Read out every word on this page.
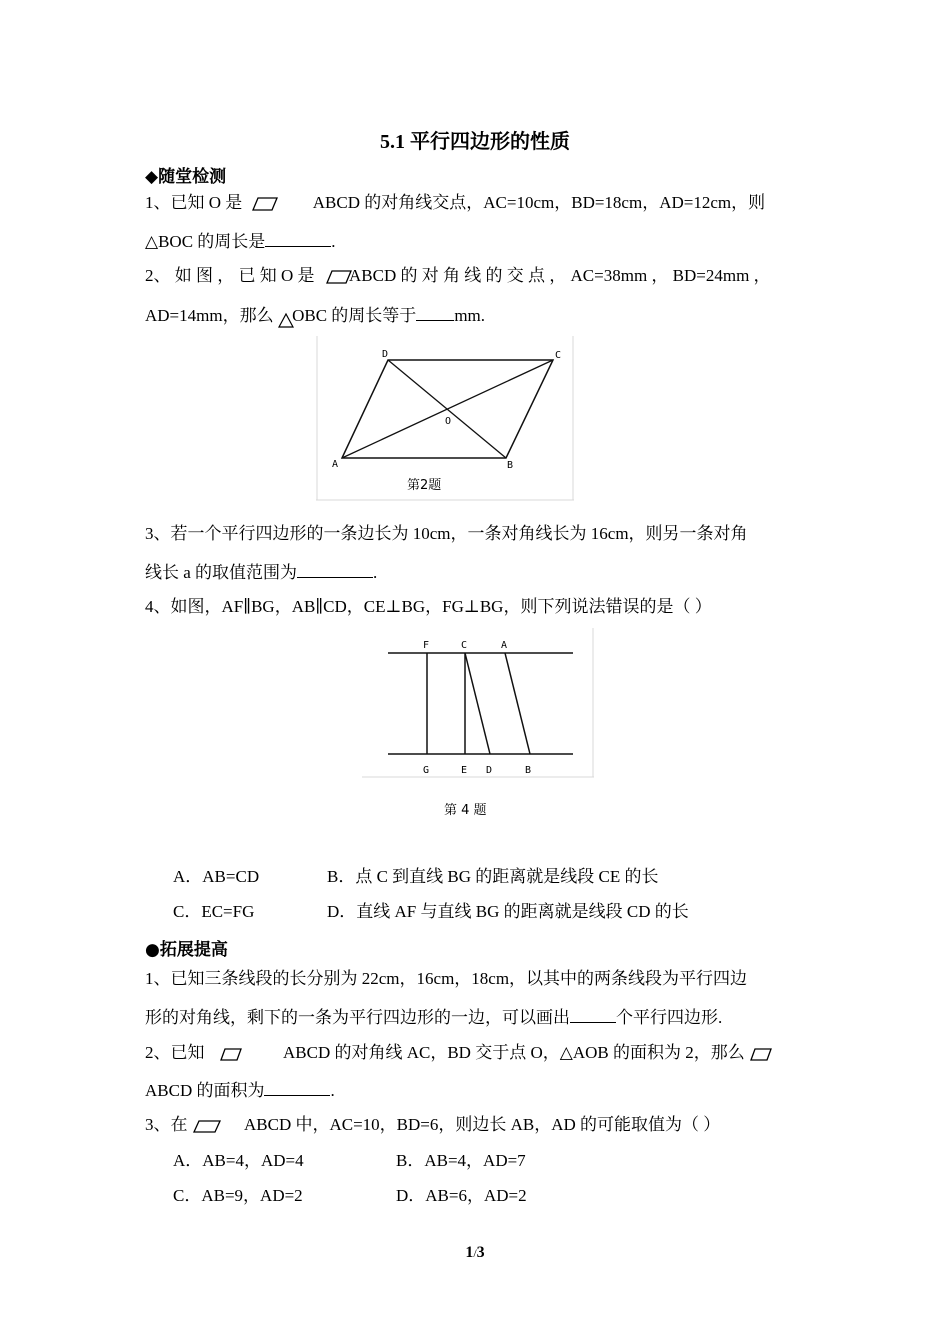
5.1 平行四边形的性质
◆随堂检测
1、已知 O 是	ABCD 的对角线交点，AC=10cm，BD=18cm，AD=12cm，则
△BOC 的周长是	.
2、 如 图 ， 已 知 O 是 ABCD 的 对 角 线 的 交 点 ， AC=38mm ， BD=24mm ，
AD=14mm，那么 OBC 的周长等于 mm.
D	C
A	B
O
第2题
3、若一个平行四边形的一条边长为 10cm，一条对角线长为 16cm，则另一条对角
线长 a 的取值范围为	.
4、如图，AF∥BG，AB∥CD，CE⊥BG，FG⊥BG，则下列说法错误的是（ ）
F	C	A
G	E D	B
第 4 题
A．AB=CD	B．点 C 到直线 BG 的距离就是线段 CE 的长
C．EC=FG	D．直线 AF 与直线 BG 的距离就是线段 CD 的长
●拓展提高
1、已知三条线段的长分别为 22cm，16cm，18cm，以其中的两条线段为平行四边
形的对角线，剩下的一条为平行四边形的一边，可以画出	个平行四边形.
2、已知	ABCD 的对角线 AC，BD 交于点 O，△AOB 的面积为 2，那么
ABCD 的面积为	.
3、在	ABCD 中，AC=10，BD=6，则边长 AB，AD 的可能取值为（ ）
A．AB=4，AD=4	B．AB=4，AD=7
C．AB=9，AD=2	D．AB=6，AD=2
1/3
